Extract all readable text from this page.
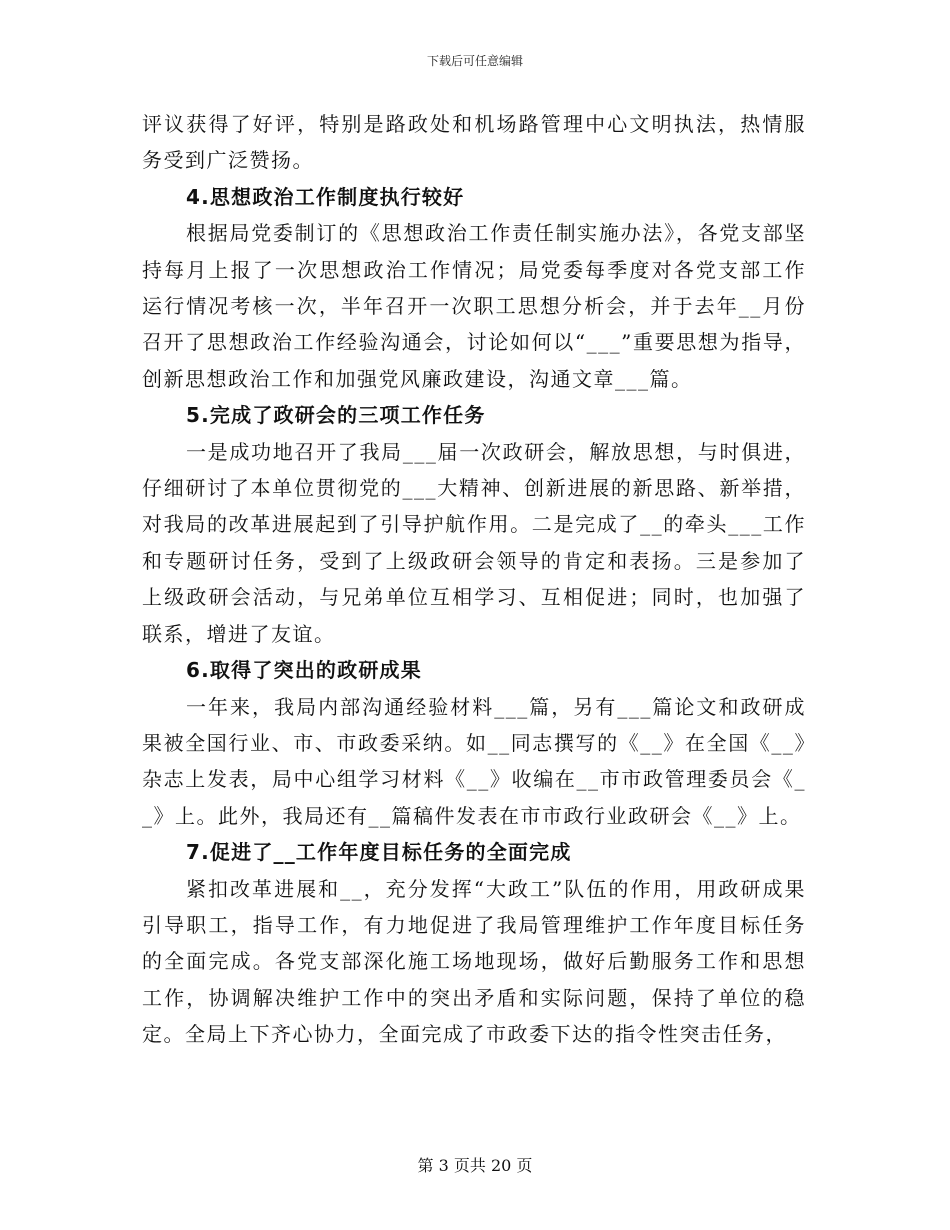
下载后可任意编辑

评议获得了好评，特别是路政处和机场路管理中心文明执法，热情服务受到广泛赞扬。

4.思想政治工作制度执行较好

根据局党委制订的《思想政治工作责任制实施办法》，各党支部坚持每月上报了一次思想政治工作情况；局党委每季度对各党支部工作运行情况考核一次，半年召开一次职工思想分析会，并于去年__月份召开了思想政治工作经验沟通会，讨论如何以“___”重要思想为指导，创新思想政治工作和加强党风廉政建设，沟通文章___篇。

5.完成了政研会的三项工作任务

一是成功地召开了我局___届一次政研会，解放思想，与时俱进，仔细研讨了本单位贯彻党的___大精神、创新进展的新思路、新举措，对我局的改革进展起到了引导护航作用。二是完成了__的牵头___工作和专题研讨任务，受到了上级政研会领导的肯定和表扬。三是参加了上级政研会活动，与兄弟单位互相学习、互相促进；同时，也加强了联系，增进了友谊。

6.取得了突出的政研成果

一年来，我局内部沟通经验材料___篇，另有___篇论文和政研成果被全国行业、市、市政委采纳。如__同志撰写的《__》在全国《__》杂志上发表，局中心组学习材料《__》收编在__市市政管理委员会《__》上。此外，我局还有__篇稿件发表在市市政行业政研会《__》上。

7.促进了__工作年度目标任务的全面完成

紧扣改革进展和__，充分发挥“大政工”队伍的作用，用政研成果引导职工，指导工作，有力地促进了我局管理维护工作年度目标任务的全面完成。各党支部深化施工场地现场，做好后勤服务工作和思想工作，协调解决维护工作中的突出矛盾和实际问题，保持了单位的稳定。全局上下齐心协力，全面完成了市政委下达的指令性突击任务，

第 3 页共 20 页
